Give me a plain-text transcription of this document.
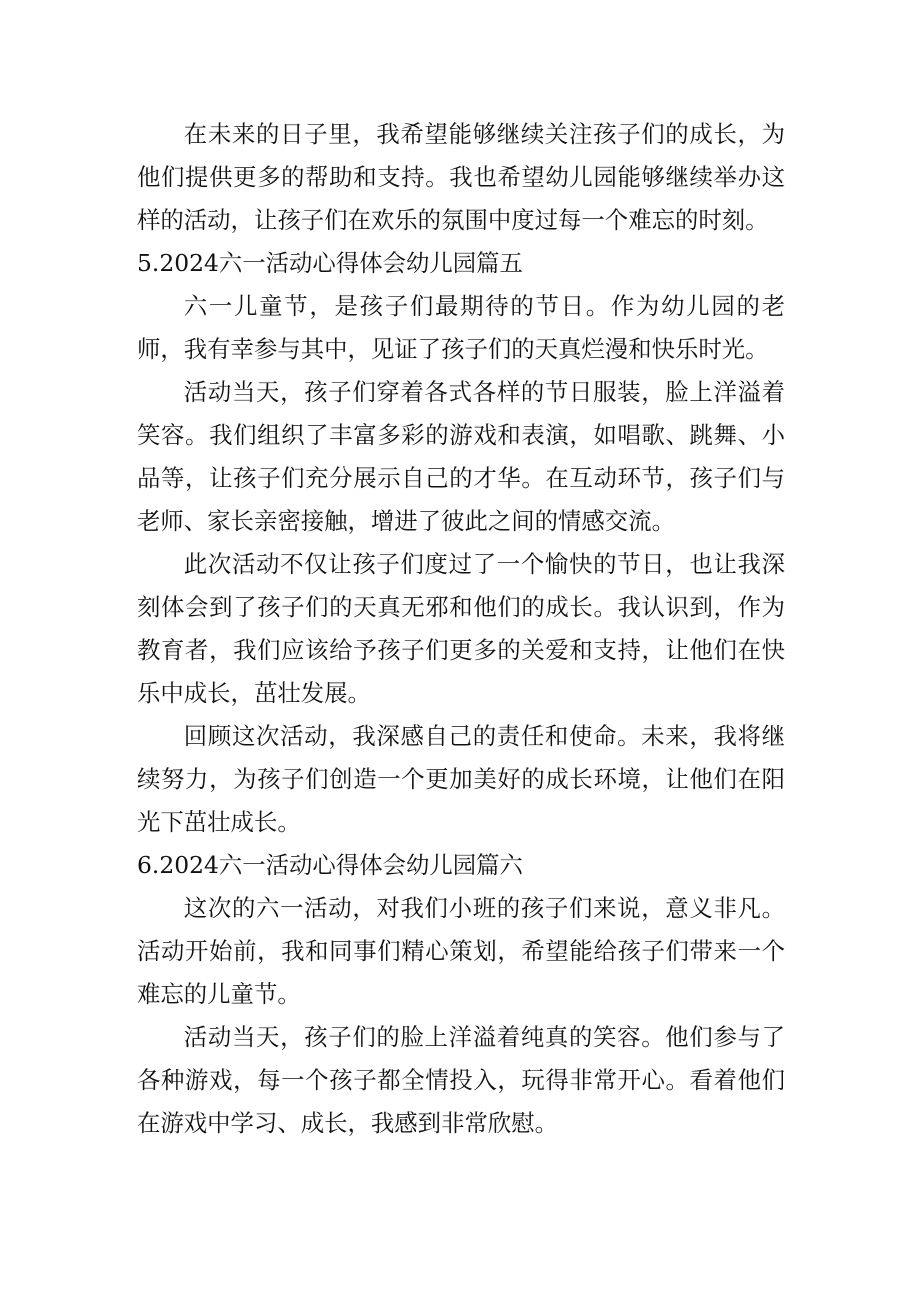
在未来的日子里，我希望能够继续关注孩子们的成长，为他们提供更多的帮助和支持。我也希望幼儿园能够继续举办这样的活动，让孩子们在欢乐的氛围中度过每一个难忘的时刻。

5.2024六一活动心得体会幼儿园篇五

六一儿童节，是孩子们最期待的节日。作为幼儿园的老师，我有幸参与其中，见证了孩子们的天真烂漫和快乐时光。

活动当天，孩子们穿着各式各样的节日服装，脸上洋溢着笑容。我们组织了丰富多彩的游戏和表演，如唱歌、跳舞、小品等，让孩子们充分展示自己的才华。在互动环节，孩子们与老师、家长亲密接触，增进了彼此之间的情感交流。

此次活动不仅让孩子们度过了一个愉快的节日，也让我深刻体会到了孩子们的天真无邪和他们的成长。我认识到，作为教育者，我们应该给予孩子们更多的关爱和支持，让他们在快乐中成长，茁壮发展。

回顾这次活动，我深感自己的责任和使命。未来，我将继续努力，为孩子们创造一个更加美好的成长环境，让他们在阳光下茁壮成长。

6.2024六一活动心得体会幼儿园篇六

这次的六一活动，对我们小班的孩子们来说，意义非凡。活动开始前，我和同事们精心策划，希望能给孩子们带来一个难忘的儿童节。

活动当天，孩子们的脸上洋溢着纯真的笑容。他们参与了各种游戏，每一个孩子都全情投入，玩得非常开心。看着他们在游戏中学习、成长，我感到非常欣慰。
